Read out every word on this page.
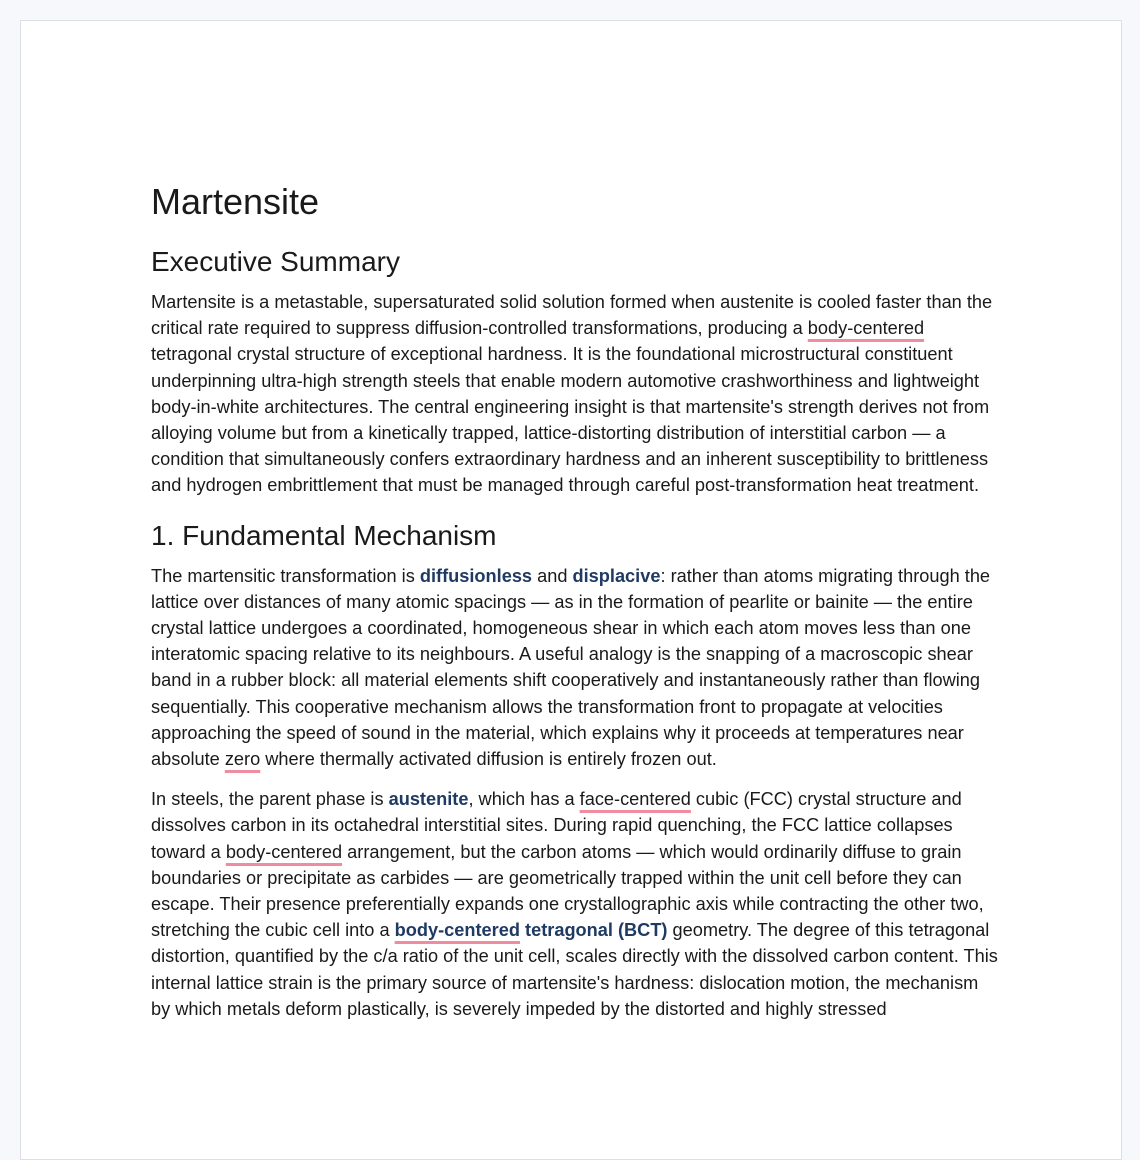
Martensite
Executive Summary

Martensite is a metastable, supersaturated solid solution formed when austenite is cooled faster than the critical rate required to suppress diffusion-controlled transformations, producing a body-centered tetragonal crystal structure of exceptional hardness. It is the foundational microstructural constituent underpinning ultra-high strength steels that enable modern automotive crashworthiness and lightweight body-in-white architectures. The central engineering insight is that martensite's strength derives not from alloying volume but from a kinetically trapped, lattice-distorting distribution of interstitial carbon — a condition that simultaneously confers extraordinary hardness and an inherent susceptibility to brittleness and hydrogen embrittlement that must be managed through careful post-transformation heat treatment.

1. Fundamental Mechanism

The martensitic transformation is diffusionless and displacive: rather than atoms migrating through the lattice over distances of many atomic spacings — as in the formation of pearlite or bainite — the entire crystal lattice undergoes a coordinated, homogeneous shear in which each atom moves less than one interatomic spacing relative to its neighbours. A useful analogy is the snapping of a macroscopic shear band in a rubber block: all material elements shift cooperatively and instantaneously rather than flowing sequentially. This cooperative mechanism allows the transformation front to propagate at velocities approaching the speed of sound in the material, which explains why it proceeds at temperatures near absolute zero where thermally activated diffusion is entirely frozen out.

In steels, the parent phase is austenite, which has a face-centered cubic (FCC) crystal structure and dissolves carbon in its octahedral interstitial sites. During rapid quenching, the FCC lattice collapses toward a body-centered arrangement, but the carbon atoms — which would ordinarily diffuse to grain boundaries or precipitate as carbides — are geometrically trapped within the unit cell before they can escape. Their presence preferentially expands one crystallographic axis while contracting the other two, stretching the cubic cell into a body-centered tetragonal (BCT) geometry. The degree of this tetragonal distortion, quantified by the c/a ratio of the unit cell, scales directly with the dissolved carbon content. This internal lattice strain is the primary source of martensite's hardness: dislocation motion, the mechanism by which metals deform plastically, is severely impeded by the distorted and highly stressed
